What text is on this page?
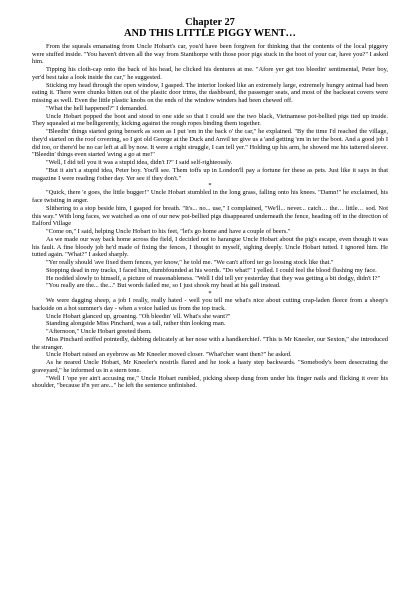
Chapter 27
AND THIS LITTLE PIGGY WENT…

From the squeals emanating from Uncle Hobart's car, you'd have been forgiven for thinking that the contents of the local piggery were stuffed inside. "You haven't driven all the way from Stanthorpe with those poor pigs stuck in the boot of your car, have you?" I asked him.

Tipping his cloth-cap onto the back of his head, he clicked his dentures at me. "Afore yer get too bleedin' sentimental, Peter boy, yer'd best take a look inside the car," he suggested.

Sticking my head through the open window, I gasped. The interior looked like an extremely large, extremely hungry animal had been eating it. There were chunks bitten out of the plastic door trims, the dashboard, the passenger seats, and most of the backseat covers were missing as well. Even the little plastic knobs on the ends of the window winders had been chewed off.

"What the hell happened?" I demanded.

Uncle Hobart popped the boot and stood to one side so that I could see the two black, Vietnamese pot-bellied pigs tied up inside. They squealed at me belligerently, kicking against the rough ropes binding them together.

"Bleedin' things started going berserk as soon as I put 'em in the back o' the car," he explained. "By the time I'd reached the village, they'd started on the roof covering, so I got old George at the Duck and Anvil ter give us a 'and getting 'em in ter the boot. And a good job I did too, or there'd be no car left at all by now. It were a right struggle, I can tell yer." Holding up his arm, he showed me his tattered sleeve. "Bleedin' things even started 'aving a go at me!"

"Well, I did tell you it was a stupid idea, didn't I?" I said self-righteously.

"But it ain't a stupid idea, Peter boy. You'll see. Them toffs up in London'll pay a fortune fer these as pets. Just like it says in that magazine I were reading t'other day. Yer see if they don't."

*

"Quick, there 'e goes, the little bugger!" Uncle Hobart stumbled in the long grass, falling onto his knees. "Damn!" he exclaimed, his face twisting in anger.

Slithering to a stop beside him, I gasped for breath. "It's... no... use," I complained, "We'll... never... catch… the… little… sod. Not this way." With long faces, we watched as one of our new pot-bellied pigs disappeared underneath the fence, heading off in the direction of Ealford Village

"Come on," I said, helping Uncle Hobart to his feet, "let's go home and have a couple of beers."

As we made our way back home across the field, I decided not to harangue Uncle Hobart about the pig's escape, even though it was his fault. A fine bloody job he'd made of fixing the fences, I thought to myself, sighing deeply. Uncle Hobart tutted. I ignored him. He tutted again. "What?" I asked sharply.

"Yer really should 'ave fixed them fences, yer know," he told me. "We can't afford ter go loosing stock like that."

Stopping dead in my tracks, I faced him, dumbfounded at his words. "Do what!" I yelled. I could feel the blood flushing my face.

He nodded slowly to himself, a picture of reasonableness. "Well I did tell yer yesterday that they was getting a bit dodgy, didn't I?"

"You really are the... the..." But words failed me, so I just shook my head at his gall instead.

*

We were dagging sheep, a job I really, really hated - well you tell me what's nice about cutting crap-laden fleece from a sheep's backside on a hot summer's day - when a voice hailed us from the top track.

Uncle Hobart glanced up, groaning. "Oh bleedin' 'ell. What's she want?"

Standing alongside Miss Pinchard, was a tall, rather thin looking man.

"Afternoon," Uncle Hobart greeted them.

Miss Pinchard sniffed pointedly, dabbing delicately at her nose with a handkerchief. "This is Mr Kneeler, our Sexton," she introduced the stranger.

Uncle Hobart raised an eyebrow as Mr Kneeler moved closer. "What'cher want then?" he asked.

As he neared Uncle Hobart, Mr Kneeler's nostrils flared and he took a hasty step backwards. "Somebody's been desecrating the graveyard," he informed us in a stern tone.

"Well I 'ope yer ain't accusing me," Uncle Hobart rumbled, picking sheep dung from under his finger nails and flicking it over his shoulder, "because if'n yer are..." he left the sentence unfinished.
